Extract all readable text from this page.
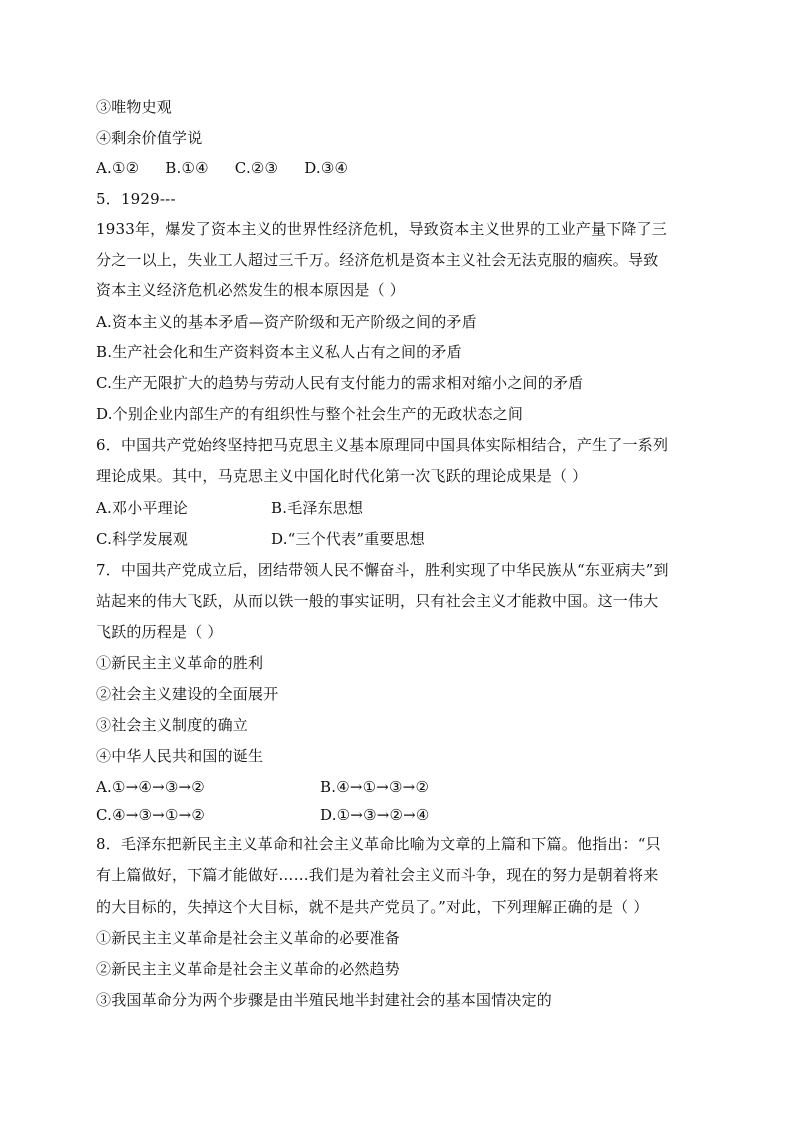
③唯物史观
④剩余价值学说
A.①② B.①④ C.②③ D.③④
5．1929---
1933年，爆发了资本主义的世界性经济危机，导致资本主义世界的工业产量下降了三
分之一以上，失业工人超过三千万。经济危机是资本主义社会无法克服的痼疾。导致
资本主义经济危机必然发生的根本原因是（ ）
A.资本主义的基本矛盾—资产阶级和无产阶级之间的矛盾
B.生产社会化和生产资料资本主义私人占有之间的矛盾
C.生产无限扩大的趋势与劳动人民有支付能力的需求相对缩小之间的矛盾
D.个别企业内部生产的有组织性与整个社会生产的无政状态之间
6．中国共产党始终坚持把马克思主义基本原理同中国具体实际相结合，产生了一系列
理论成果。其中，马克思主义中国化时代化第一次飞跃的理论成果是（ ）
A.邓小平理论	B.毛泽东思想
C.科学发展观	D.“三个代表”重要思想
7．中国共产党成立后，团结带领人民不懈奋斗，胜利实现了中华民族从“东亚病夫”到
站起来的伟大飞跃，从而以铁一般的事实证明，只有社会主义才能救中国。这一伟大
飞跃的历程是（ ）
①新民主主义革命的胜利
②社会主义建设的全面展开
③社会主义制度的确立
④中华人民共和国的诞生
A.①→④→③→②	B.④→①→③→②
C.④→③→①→②	D.①→③→②→④
8．毛泽东把新民主主义革命和社会主义革命比喻为文章的上篇和下篇。他指出：“只
有上篇做好，下篇才能做好……我们是为着社会主义而斗争，现在的努力是朝着将来
的大目标的，失掉这个大目标，就不是共产党员了。”对此，下列理解正确的是（ ）
①新民主主义革命是社会主义革命的必要准备
②新民主主义革命是社会主义革命的必然趋势
③我国革命分为两个步骤是由半殖民地半封建社会的基本国情决定的
